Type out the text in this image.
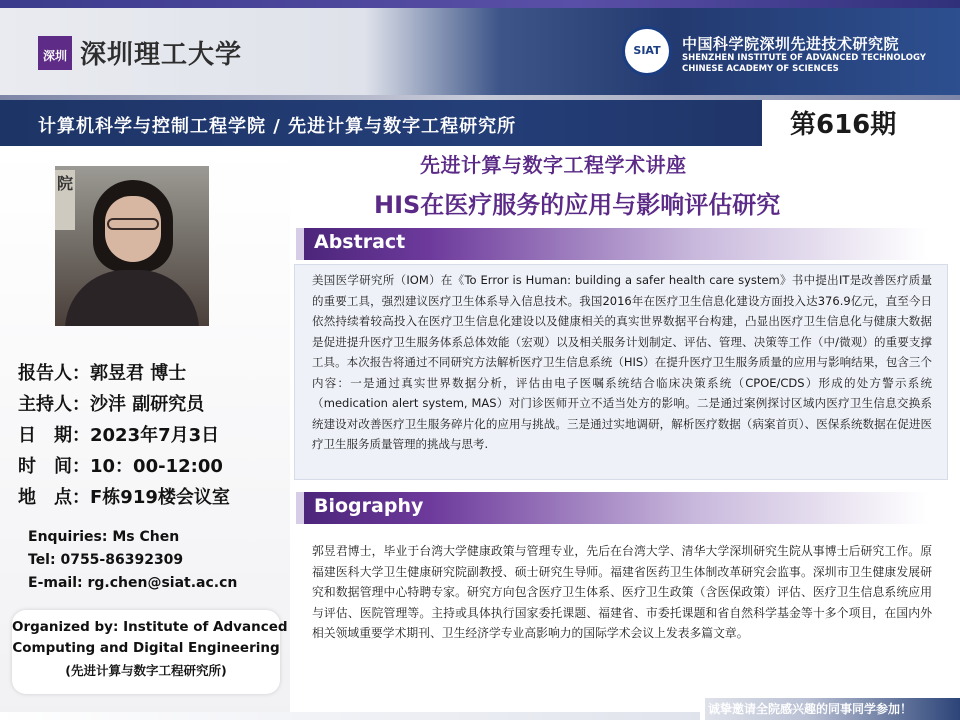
深圳 深圳理工大学	SIAT	中国科学院深圳先进技术研究院
SHENZHEN INSTITUTE OF ADVANCED TECHNOLOGY
CHINESE ACADEMY OF SCIENCES
计算机科学与控制工程学院 / 先进计算与数字工程研究所	第616期
院
报告人：郭昱君 博士
主持人：沙沣 副研究员
日　期：2023年7月3日
时　间：10：00-12:00
地　点：F栋919楼会议室
Enquiries: Ms Chen
Tel: 0755-86392309
E-mail: rg.chen@siat.ac.cn
Organized by: Institute of Advanced
Computing and Digital Engineering
(先进计算与数字工程研究所)
先进计算与数字工程学术讲座
HIS在医疗服务的应用与影响评估研究
Abstract
美国医学研究所（IOM）在《To Error is Human: building a safer health care system》书中提出IT是改善医疗质量的重要工具，强烈建议医疗卫生体系导入信息技术。我国2016年在医疗卫生信息化建设方面投入达376.9亿元，直至今日依然持续着较高投入在医疗卫生信息化建设以及健康相关的真实世界数据平台构建，凸显出医疗卫生信息化与健康大数据是促进提升医疗卫生服务体系总体效能（宏观）以及相关服务计划制定、评估、管理、决策等工作（中/微观）的重要支撑工具。本次报告将通过不同研究方法解析医疗卫生信息系统（HIS）在提升医疗卫生服务质量的应用与影响结果，包含三个内容：一是通过真实世界数据分析，评估由电子医嘱系统结合临床决策系统（CPOE/CDS）形成的处方警示系统（medication alert system, MAS）对门诊医师开立不适当处方的影响。二是通过案例探讨区域内医疗卫生信息交换系统建设对改善医疗卫生服务碎片化的应用与挑战。三是通过实地调研，解析医疗数据（病案首页）、医保系统数据在促进医疗卫生服务质量管理的挑战与思考.
Biography
郭昱君博士，毕业于台湾大学健康政策与管理专业，先后在台湾大学、清华大学深圳研究生院从事博士后研究工作。原福建医科大学卫生健康研究院副教授、硕士研究生导师。福建省医药卫生体制改革研究会监事。深圳市卫生健康发展研究和数据管理中心特聘专家。研究方向包含医疗卫生体系、医疗卫生政策（含医保政策）评估、医疗卫生信息系统应用与评估、医院管理等。主持或具体执行国家委托课题、福建省、市委托课题和省自然科学基金等十多个项目，在国内外相关领域重要学术期刊、卫生经济学专业高影响力的国际学术会议上发表多篇文章。
诚挚邀请全院感兴趣的同事同学参加！
